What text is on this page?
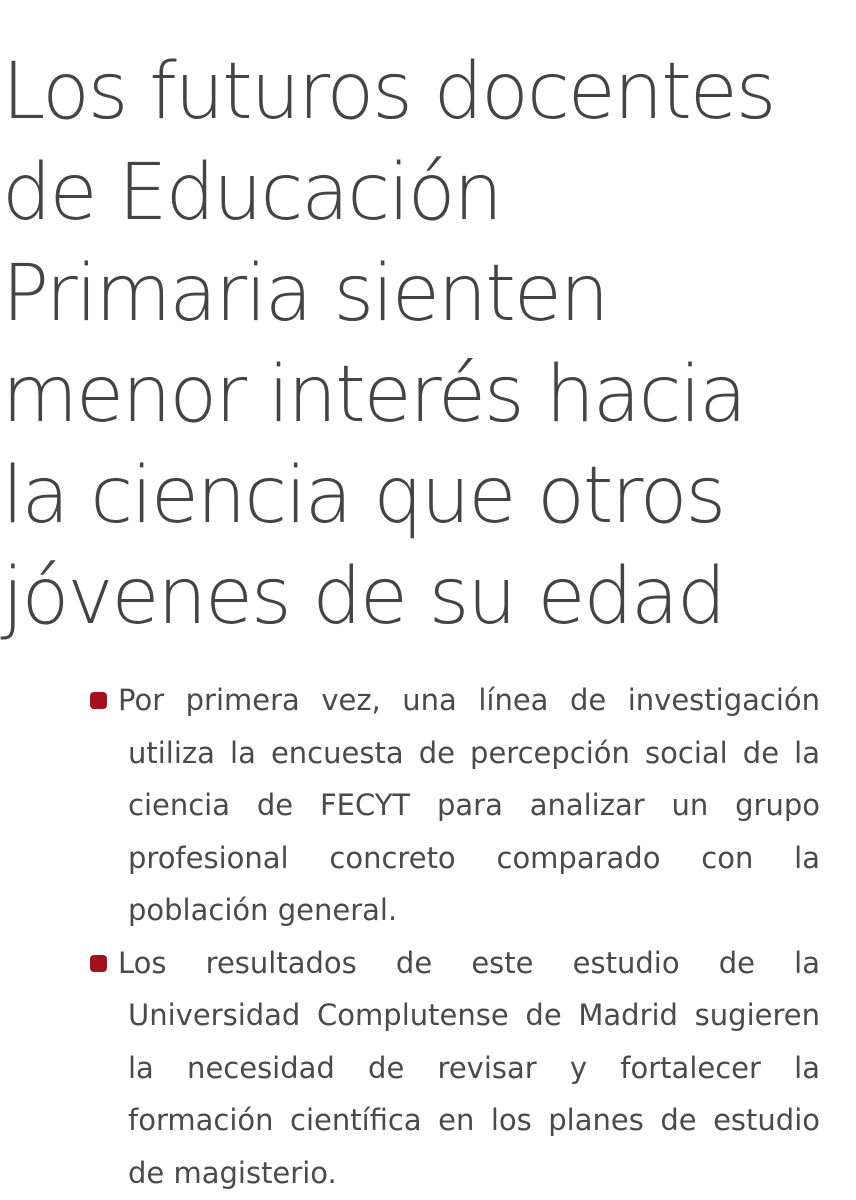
Los futuros docentes
de Educación
Primaria sienten
menor interés hacia
la ciencia que otros
jóvenes de su edad
Por primera vez, una línea de investigación utiliza la encuesta de percepción social de la ciencia de FECYT para analizar un grupo profesional concreto comparado con la población general.
Los resultados de este estudio de la Universidad Complutense de Madrid sugieren la necesidad de revisar y fortalecer la formación científica en los planes de estudio de magisterio.
